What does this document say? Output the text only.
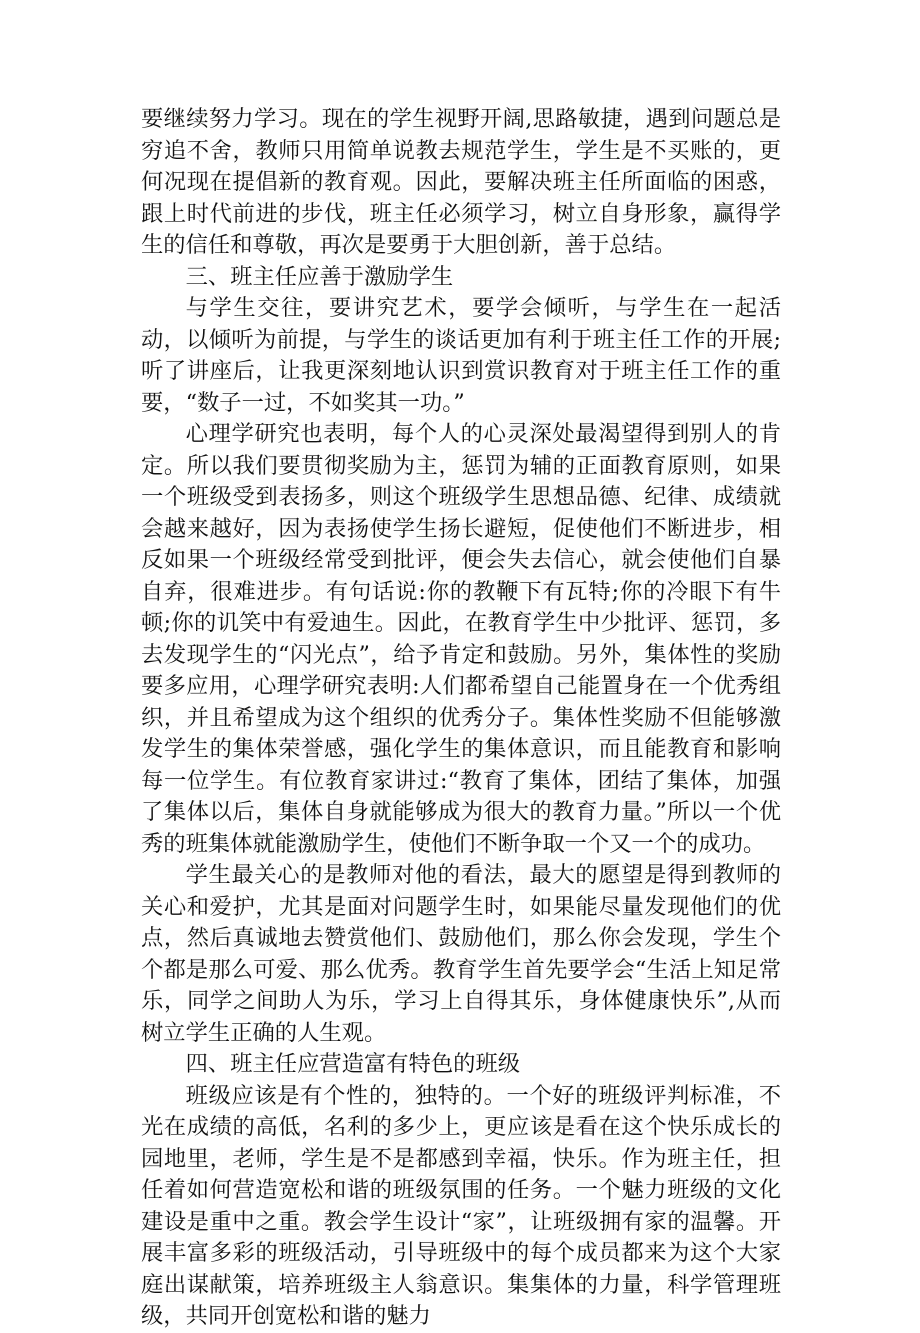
要继续努力学习。现在的学生视野开阔,思路敏捷，遇到问题总是穷追不舍，教师只用简单说教去规范学生，学生是不买账的，更何况现在提倡新的教育观。因此，要解决班主任所面临的困惑，跟上时代前进的步伐，班主任必须学习，树立自身形象，赢得学生的信任和尊敬，再次是要勇于大胆创新，善于总结。

三、班主任应善于激励学生

与学生交往，要讲究艺术，要学会倾听，与学生在一起活动，以倾听为前提，与学生的谈话更加有利于班主任工作的开展;听了讲座后，让我更深刻地认识到赏识教育对于班主任工作的重要，“数子一过，不如奖其一功。”

心理学研究也表明，每个人的心灵深处最渴望得到别人的肯定。所以我们要贯彻奖励为主，惩罚为辅的正面教育原则，如果一个班级受到表扬多，则这个班级学生思想品德、纪律、成绩就会越来越好，因为表扬使学生扬长避短，促使他们不断进步，相反如果一个班级经常受到批评，便会失去信心，就会使他们自暴自弃，很难进步。有句话说:你的教鞭下有瓦特;你的冷眼下有牛顿;你的讥笑中有爱迪生。因此，在教育学生中少批评、惩罚，多去发现学生的“闪光点”，给予肯定和鼓励。另外，集体性的奖励要多应用，心理学研究表明:人们都希望自己能置身在一个优秀组织，并且希望成为这个组织的优秀分子。集体性奖励不但能够激发学生的集体荣誉感，强化学生的集体意识，而且能教育和影响每一位学生。有位教育家讲过:“教育了集体，团结了集体，加强了集体以后，集体自身就能够成为很大的教育力量。”所以一个优秀的班集体就能激励学生，使他们不断争取一个又一个的成功。

学生最关心的是教师对他的看法，最大的愿望是得到教师的关心和爱护，尤其是面对问题学生时，如果能尽量发现他们的优点，然后真诚地去赞赏他们、鼓励他们，那么你会发现，学生个个都是那么可爱、那么优秀。教育学生首先要学会“生活上知足常乐，同学之间助人为乐，学习上自得其乐，身体健康快乐”,从而树立学生正确的人生观。

四、班主任应营造富有特色的班级

班级应该是有个性的，独特的。一个好的班级评判标准，不光在成绩的高低，名利的多少上，更应该是看在这个快乐成长的园地里，老师，学生是不是都感到幸福，快乐。作为班主任，担任着如何营造宽松和谐的班级氛围的任务。一个魅力班级的文化建设是重中之重。教会学生设计“家”，让班级拥有家的温馨。开展丰富多彩的班级活动，引导班级中的每个成员都来为这个大家庭出谋献策，培养班级主人翁意识。集集体的力量，科学管理班级，共同开创宽松和谐的魅力
